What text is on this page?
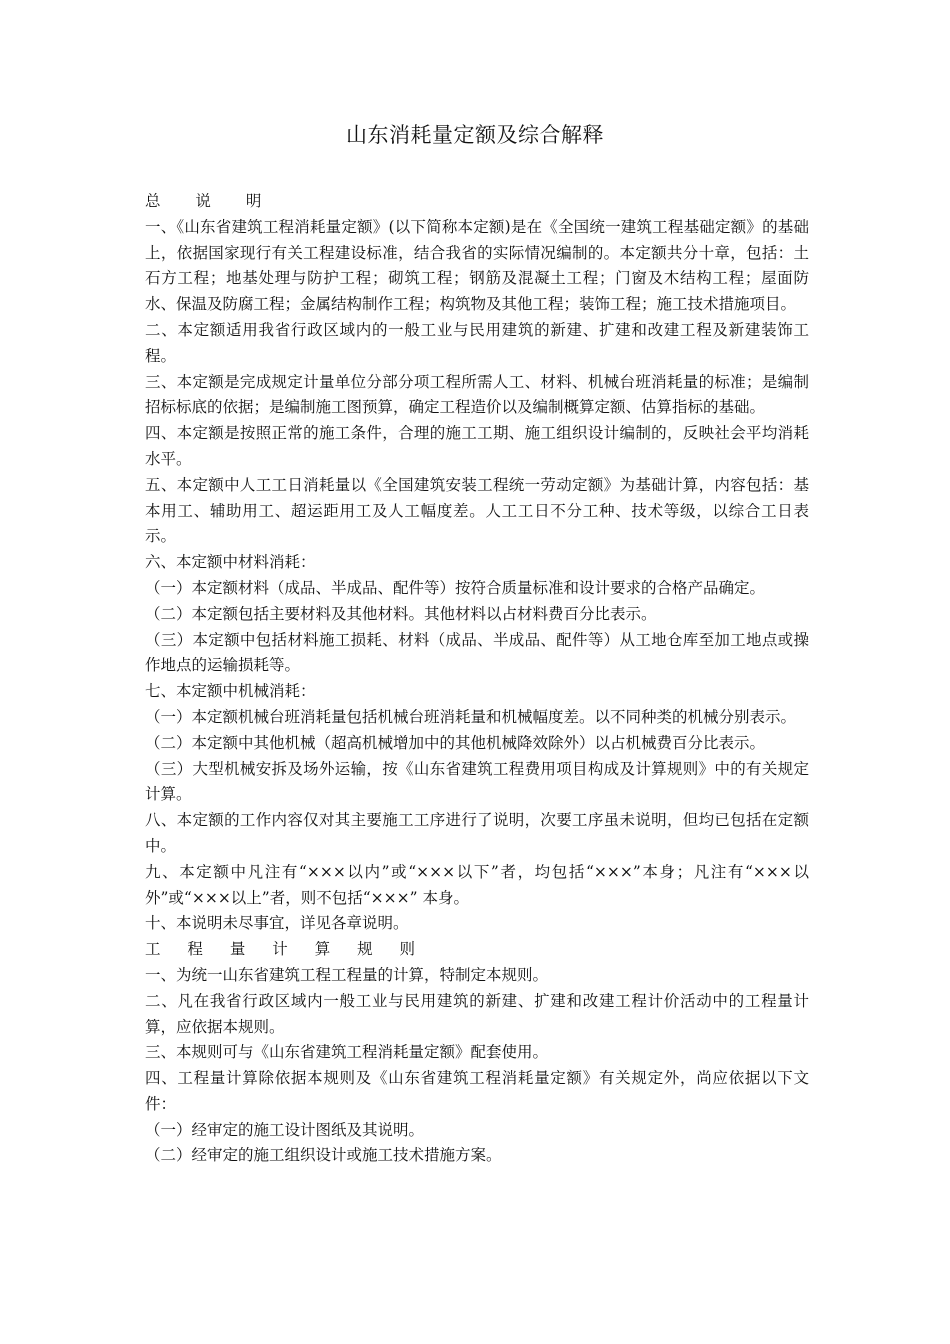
山东消耗量定额及综合解释

总 说 明

一、《山东省建筑工程消耗量定额》(以下简称本定额)是在《全国统一建筑工程基础定额》的基础上，依据国家现行有关工程建设标准，结合我省的实际情况编制的。本定额共分十章，包括：土石方工程；地基处理与防护工程；砌筑工程；钢筋及混凝土工程；门窗及木结构工程；屋面防水、保温及防腐工程；金属结构制作工程；构筑物及其他工程；装饰工程；施工技术措施项目。

二、本定额适用我省行政区域内的一般工业与民用建筑的新建、扩建和改建工程及新建装饰工程。

三、本定额是完成规定计量单位分部分项工程所需人工、材料、机械台班消耗量的标准；是编制招标标底的依据；是编制施工图预算，确定工程造价以及编制概算定额、估算指标的基础。

四、本定额是按照正常的施工条件，合理的施工工期、施工组织设计编制的，反映社会平均消耗水平。

五、本定额中人工工日消耗量以《全国建筑安装工程统一劳动定额》为基础计算，内容包括：基本用工、辅助用工、超运距用工及人工幅度差。人工工日不分工种、技术等级，以综合工日表示。

六、本定额中材料消耗：

（一）本定额材料（成品、半成品、配件等）按符合质量标准和设计要求的合格产品确定。

（二）本定额包括主要材料及其他材料。其他材料以占材料费百分比表示。

（三）本定额中包括材料施工损耗、材料（成品、半成品、配件等）从工地仓库至加工地点或操作地点的运输损耗等。

七、本定额中机械消耗：

（一）本定额机械台班消耗量包括机械台班消耗量和机械幅度差。以不同种类的机械分别表示。

（二）本定额中其他机械（超高机械增加中的其他机械降效除外）以占机械费百分比表示。

（三）大型机械安拆及场外运输，按《山东省建筑工程费用项目构成及计算规则》中的有关规定计算。

八、本定额的工作内容仅对其主要施工工序进行了说明，次要工序虽未说明，但均已包括在定额中。

九、本定额中凡注有“×××以内”或“×××以下”者，均包括“×××”本身；凡注有“×××以外”或“×××以上”者，则不包括“×××” 本身。

十、本说明未尽事宜，详见各章说明。

工 程 量 计 算 规 则

一、为统一山东省建筑工程工程量的计算，特制定本规则。

二、凡在我省行政区域内一般工业与民用建筑的新建、扩建和改建工程计价活动中的工程量计算，应依据本规则。

三、本规则可与《山东省建筑工程消耗量定额》配套使用。

四、工程量计算除依据本规则及《山东省建筑工程消耗量定额》有关规定外，尚应依据以下文件：

（一）经审定的施工设计图纸及其说明。

（二）经审定的施工组织设计或施工技术措施方案。
